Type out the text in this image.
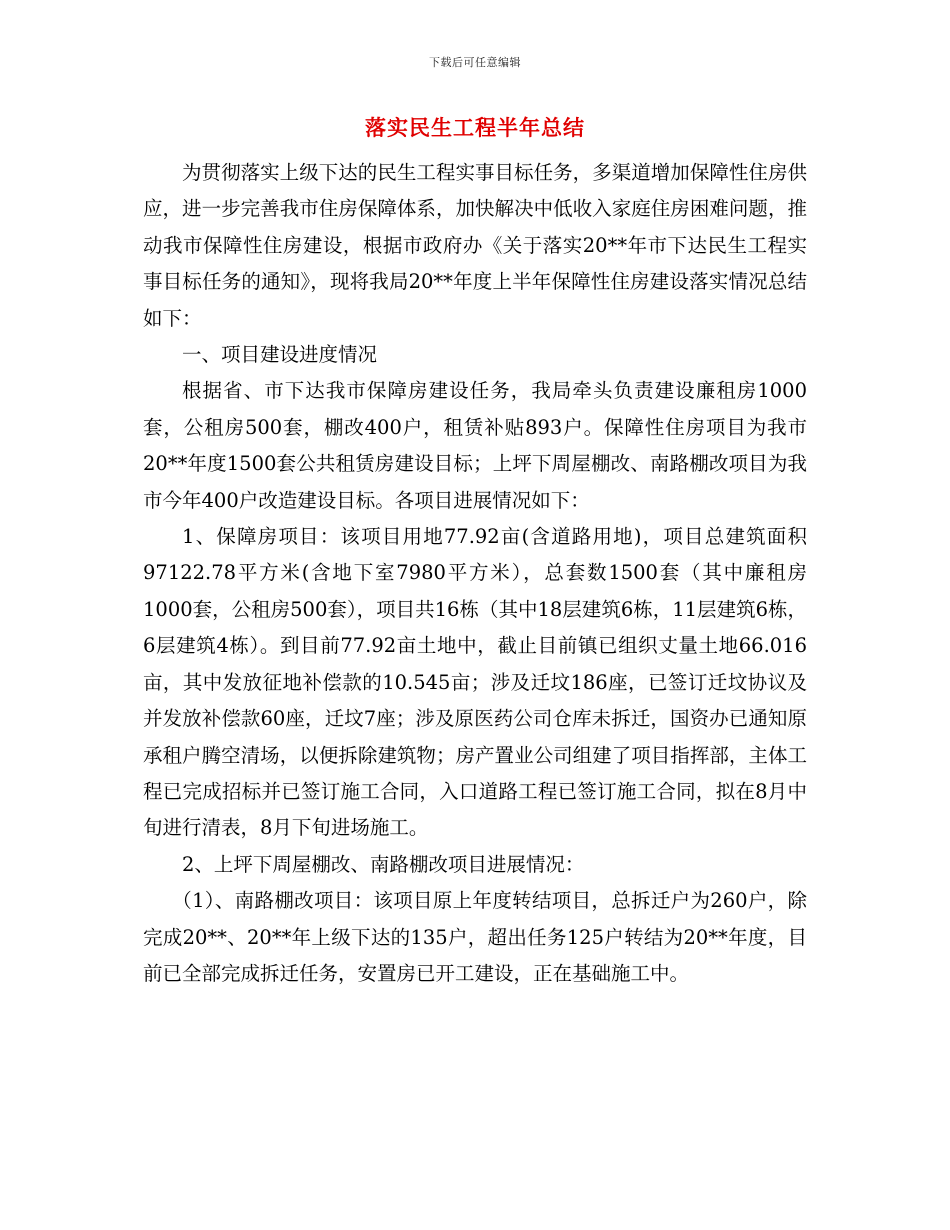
下载后可任意编辑
落实民生工程半年总结

为贯彻落实上级下达的民生工程实事目标任务，多渠道增加保障性住房供应，进一步完善我市住房保障体系，加快解决中低收入家庭住房困难问题，推动我市保障性住房建设，根据市政府办《关于落实20**年市下达民生工程实事目标任务的通知》，现将我局20**年度上半年保障性住房建设落实情况总结如下：

一、项目建设进度情况

根据省、市下达我市保障房建设任务，我局牵头负责建设廉租房1000套，公租房500套，棚改400户，租赁补贴893户。保障性住房项目为我市20**年度1500套公共租赁房建设目标；上坪下周屋棚改、南路棚改项目为我市今年400户改造建设目标。各项目进展情况如下：

1、保障房项目：该项目用地77.92亩(含道路用地)，项目总建筑面积97122.78平方米(含地下室7980平方米），总套数1500套（其中廉租房1000套，公租房500套），项目共16栋（其中18层建筑6栋，11层建筑6栋，6层建筑4栋）。到目前77.92亩土地中，截止目前镇已组织丈量土地66.016亩，其中发放征地补偿款的10.545亩；涉及迁坟186座，已签订迁坟协议及并发放补偿款60座，迁坟7座；涉及原医药公司仓库未拆迁，国资办已通知原承租户腾空清场，以便拆除建筑物；房产置业公司组建了项目指挥部，主体工程已完成招标并已签订施工合同，入口道路工程已签订施工合同，拟在8月中旬进行清表，8月下旬进场施工。

2、上坪下周屋棚改、南路棚改项目进展情况：

（1）、南路棚改项目：该项目原上年度转结项目，总拆迁户为260户，除完成20**、20**年上级下达的135户，超出任务125户转结为20**年度，目前已全部完成拆迁任务，安置房已开工建设，正在基础施工中。
